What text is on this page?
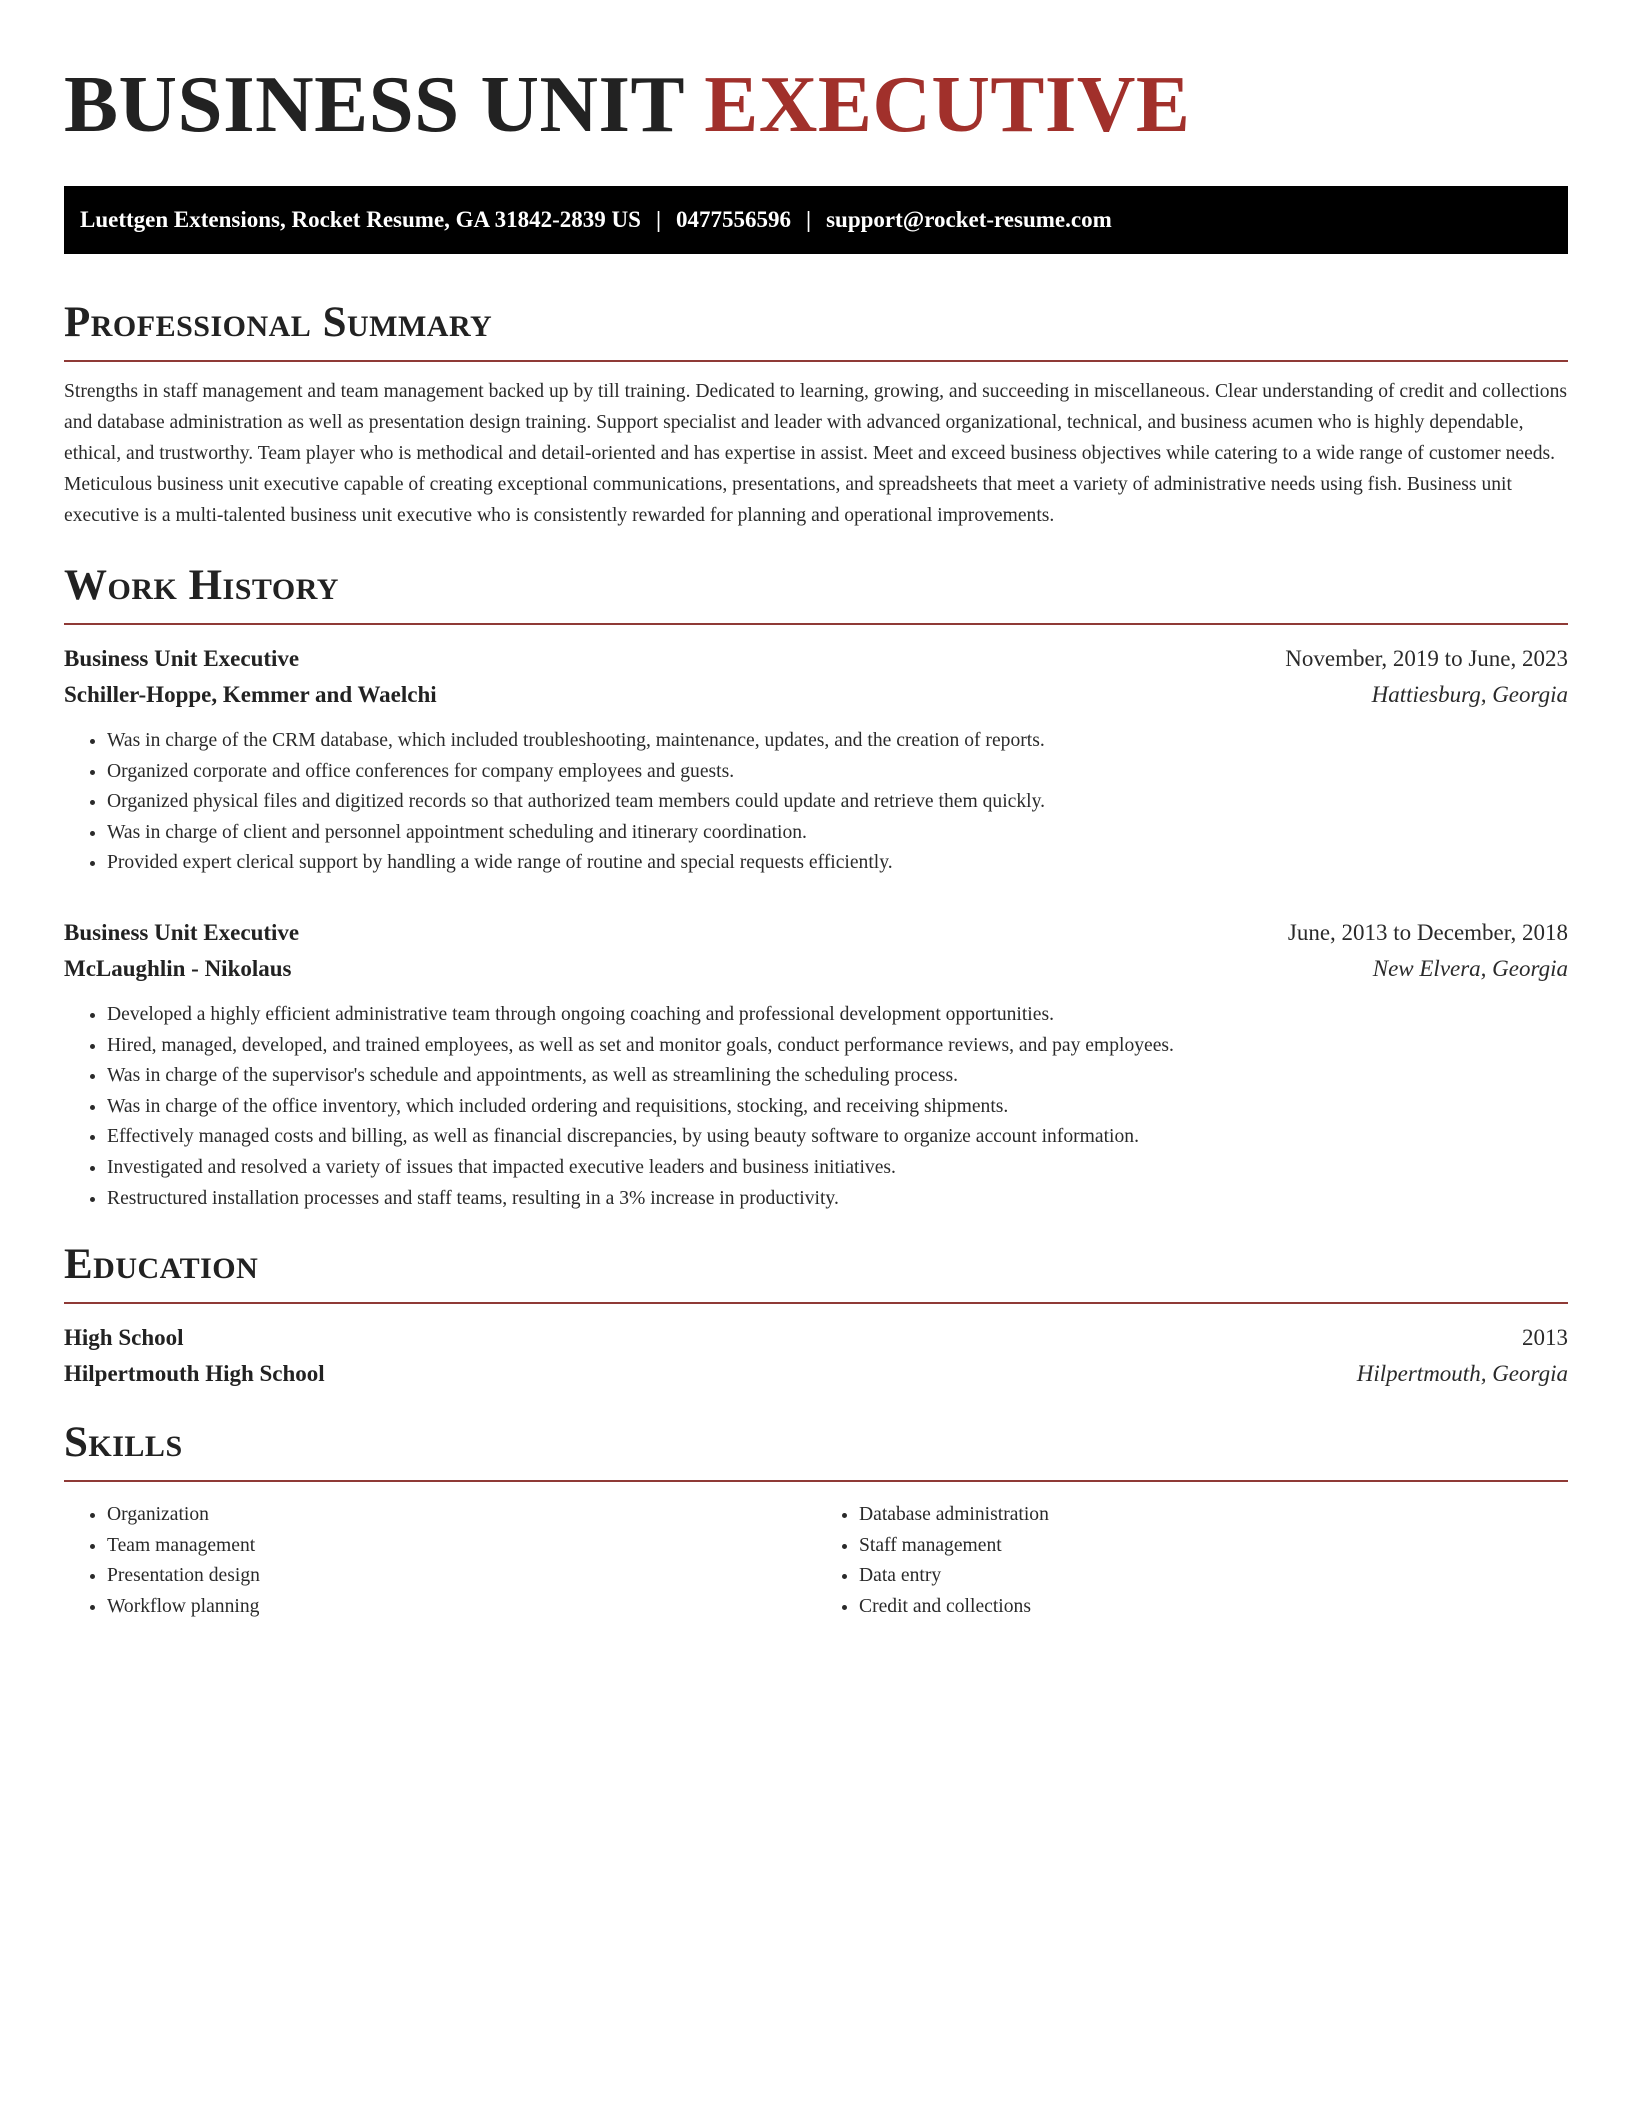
BUSINESS UNIT EXECUTIVE
Luettgen Extensions, Rocket Resume, GA 31842-2839 US | 0477556596 | support@rocket-resume.com
Professional Summary

Strengths in staff management and team management backed up by till training. Dedicated to learning, growing, and succeeding in miscellaneous. Clear understanding of credit and collections and database administration as well as presentation design training. Support specialist and leader with advanced organizational, technical, and business acumen who is highly dependable, ethical, and trustworthy. Team player who is methodical and detail-oriented and has expertise in assist. Meet and exceed business objectives while catering to a wide range of customer needs. Meticulous business unit executive capable of creating exceptional communications, presentations, and spreadsheets that meet a variety of administrative needs using fish. Business unit executive is a multi-talented business unit executive who is consistently rewarded for planning and operational improvements.

Work History
Business Unit Executive	November, 2019 to June, 2023
Schiller-Hoppe, Kemmer and Waelchi	Hattiesburg, Georgia
• Was in charge of the CRM database, which included troubleshooting, maintenance, updates, and the creation of reports.
• Organized corporate and office conferences for company employees and guests.
• Organized physical files and digitized records so that authorized team members could update and retrieve them quickly.
• Was in charge of client and personnel appointment scheduling and itinerary coordination.
• Provided expert clerical support by handling a wide range of routine and special requests efficiently.
Business Unit Executive	June, 2013 to December, 2018
McLaughlin - Nikolaus	New Elvera, Georgia
• Developed a highly efficient administrative team through ongoing coaching and professional development opportunities.
• Hired, managed, developed, and trained employees, as well as set and monitor goals, conduct performance reviews, and pay employees.
• Was in charge of the supervisor's schedule and appointments, as well as streamlining the scheduling process.
• Was in charge of the office inventory, which included ordering and requisitions, stocking, and receiving shipments.
• Effectively managed costs and billing, as well as financial discrepancies, by using beauty software to organize account information.
• Investigated and resolved a variety of issues that impacted executive leaders and business initiatives.
• Restructured installation processes and staff teams, resulting in a 3% increase in productivity.
Education
High School	2013
Hilpertmouth High School	Hilpertmouth, Georgia
Skills
• Organization
• Team management
• Presentation design
• Workflow planning
• Database administration
• Staff management
• Data entry
• Credit and collections
